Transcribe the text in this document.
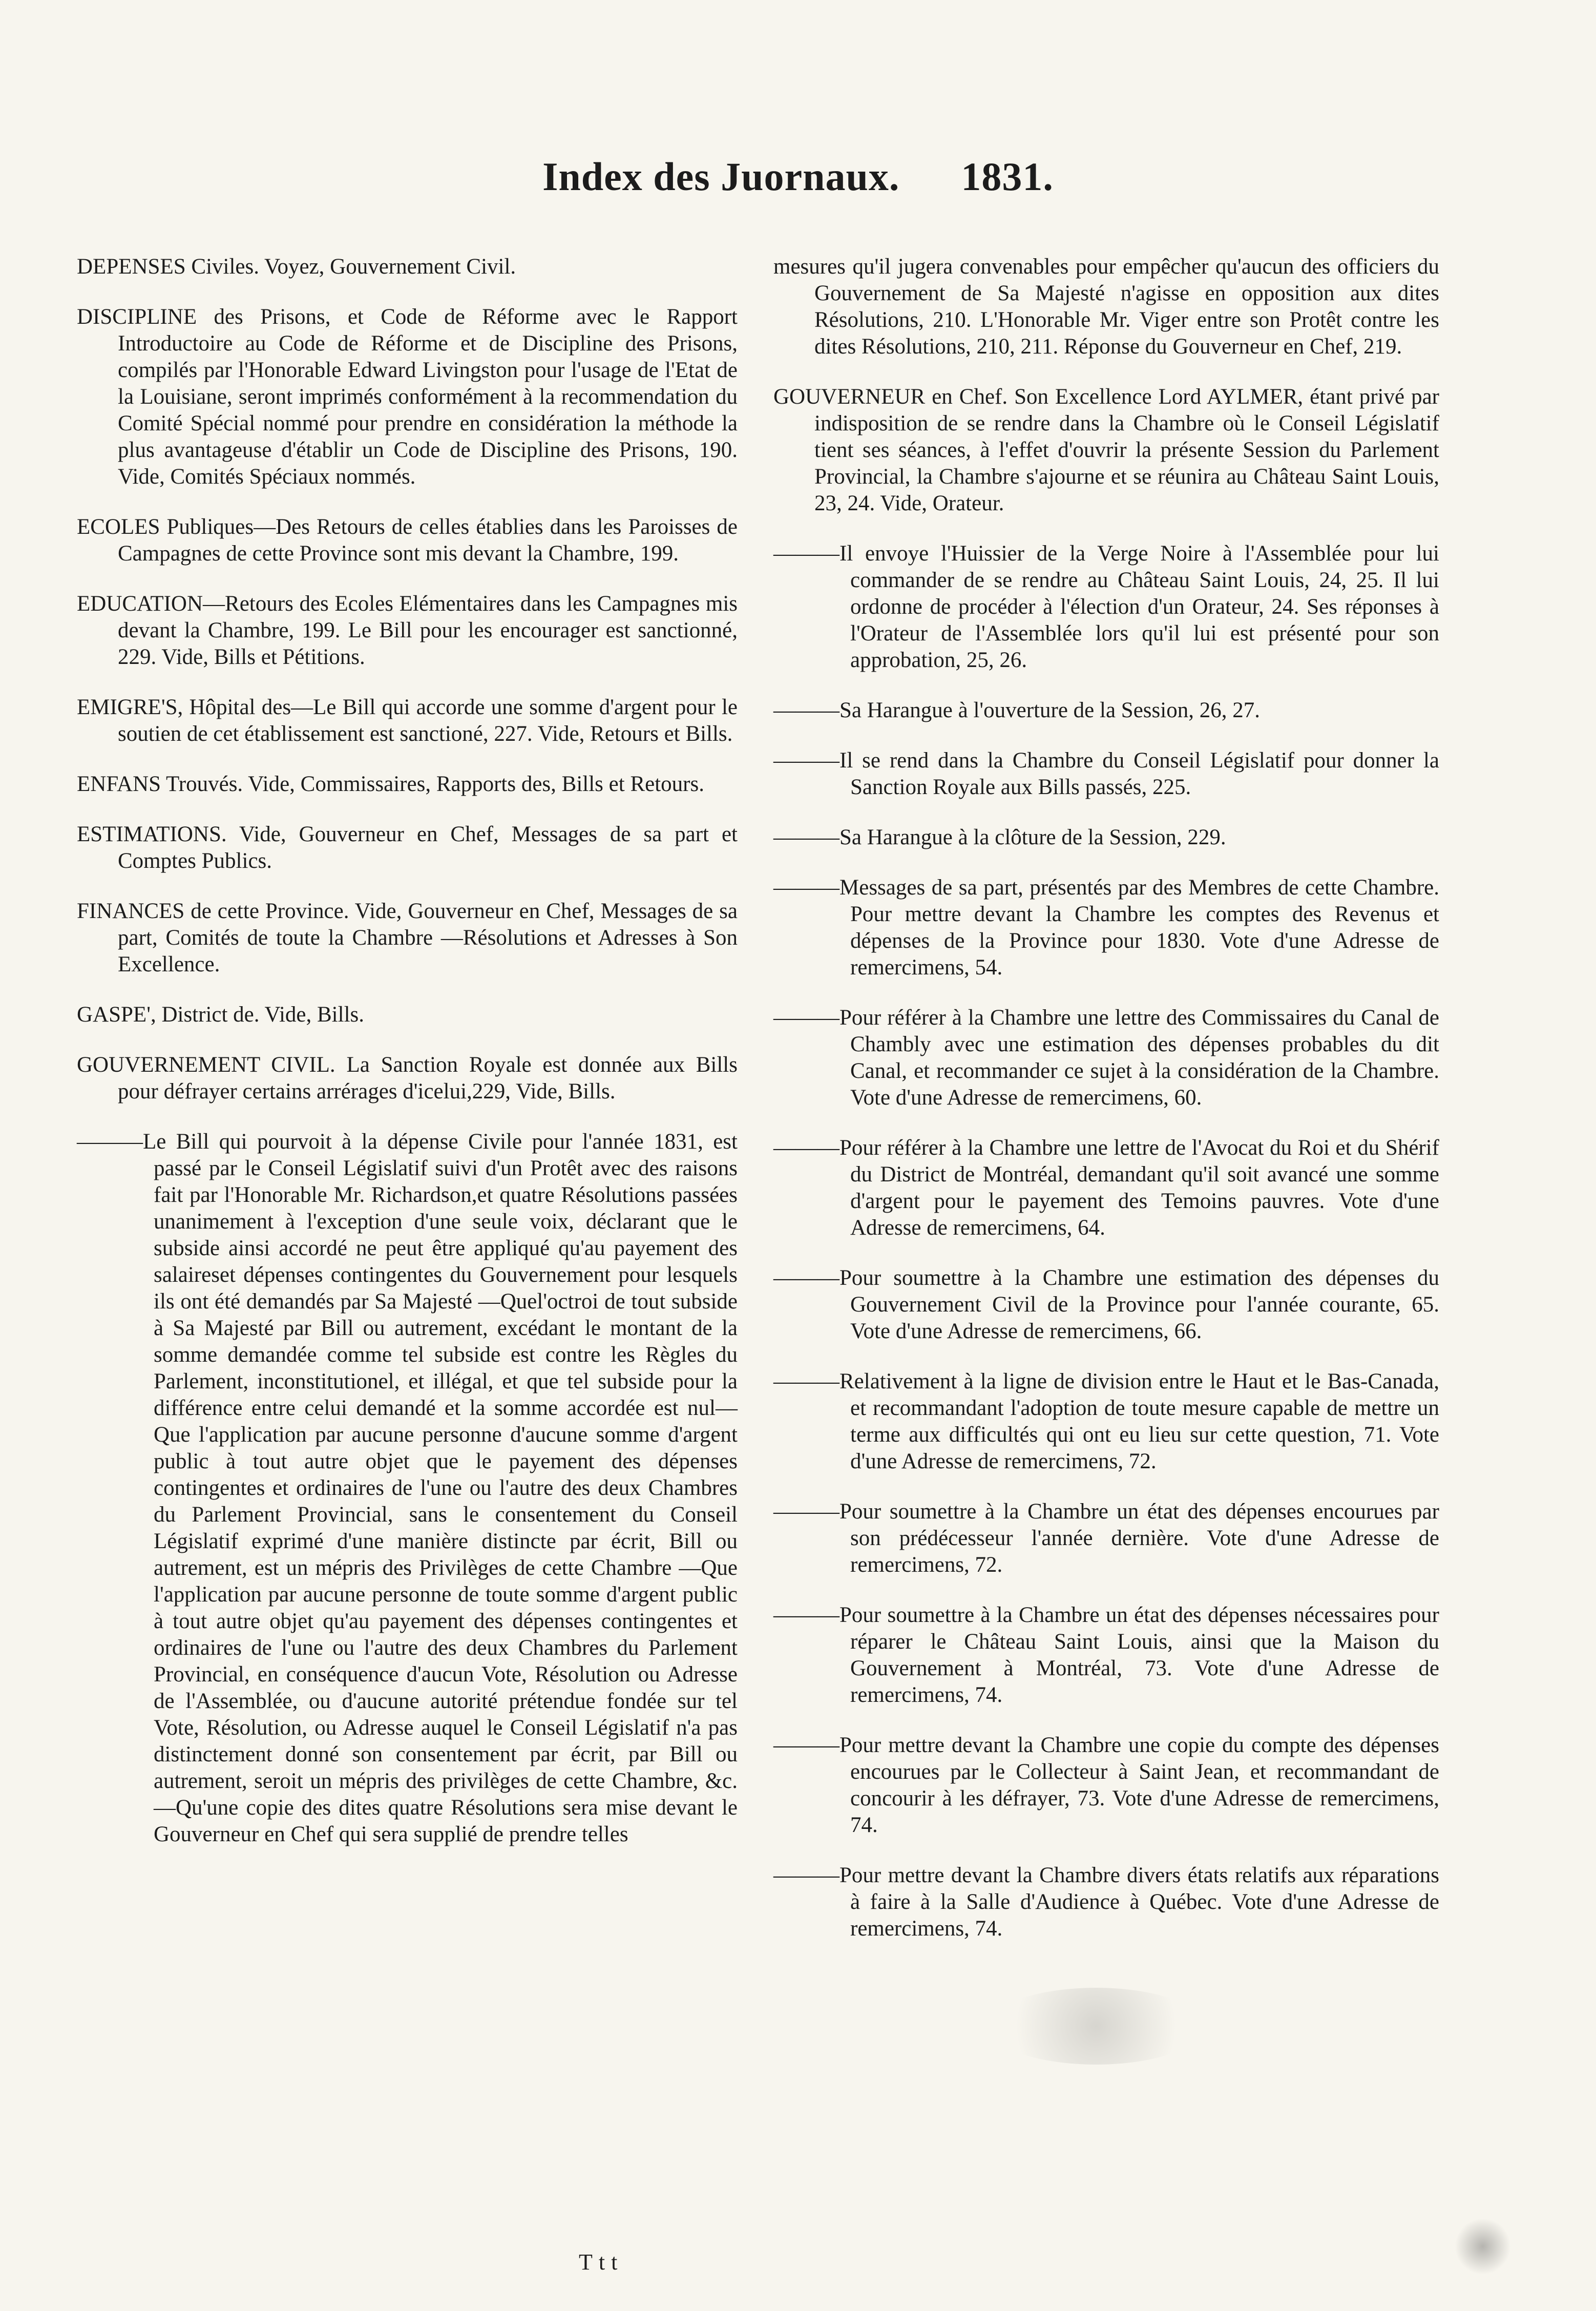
Index des Juornaux. 1831.

DEPENSES Civiles. Voyez, Gouvernement Civil.

DISCIPLINE des Prisons, et Code de Réforme avec le Rapport Introductoire au Code de Réforme et de Discipline des Prisons, compilés par l'Honorable Edward Livingston pour l'usage de l'Etat de la Louisiane, seront imprimés conformément à la recommendation du Comité Spécial nommé pour prendre en considération la méthode la plus avantageuse d'établir un Code de Discipline des Prisons, 190. Vide, Comités Spéciaux nommés.

ECOLES Publiques—Des Retours de celles établies dans les Paroisses de Campagnes de cette Province sont mis devant la Chambre, 199.

EDUCATION—Retours des Ecoles Elémentaires dans les Campagnes mis devant la Chambre, 199. Le Bill pour les encourager est sanctionné, 229. Vide, Bills et Pétitions.

EMIGRE'S, Hôpital des—Le Bill qui accorde une somme d'argent pour le soutien de cet établissement est sanctioné, 227. Vide, Retours et Bills.

ENFANS Trouvés. Vide, Commissaires, Rapports des, Bills et Retours.

ESTIMATIONS. Vide, Gouverneur en Chef, Messages de sa part et Comptes Publics.

FINANCES de cette Province. Vide, Gouverneur en Chef, Messages de sa part, Comités de toute la Chambre —Résolutions et Adresses à Son Excellence.

GASPE', District de. Vide, Bills.

GOUVERNEMENT CIVIL. La Sanction Royale est donnée aux Bills pour défrayer certains arrérages d'icelui,229, Vide, Bills.

———Le Bill qui pourvoit à la dépense Civile pour l'année 1831, est passé par le Conseil Législatif suivi d'un Protêt avec des raisons fait par l'Honorable Mr. Richardson,et quatre Résolutions passées unanimement à l'exception d'une seule voix, déclarant que le subside ainsi accordé ne peut être appliqué qu'au payement des salaireset dépenses contingentes du Gouvernement pour lesquels ils ont été demandés par Sa Majesté —Quel'octroi de tout subside à Sa Majesté par Bill ou autrement, excédant le montant de la somme demandée comme tel subside est contre les Règles du Parlement, inconstitutionel, et illégal, et que tel subside pour la différence entre celui demandé et la somme accordée est nul—Que l'application par aucune personne d'aucune somme d'argent public à tout autre objet que le payement des dépenses contingentes et ordinaires de l'une ou l'autre des deux Chambres du Parlement Provincial, sans le consentement du Conseil Législatif exprimé d'une manière distincte par écrit, Bill ou autrement, est un mépris des Privilèges de cette Chambre —Que l'application par aucune personne de toute somme d'argent public à tout autre objet qu'au payement des dépenses contingentes et ordinaires de l'une ou l'autre des deux Chambres du Parlement Provincial, en conséquence d'aucun Vote, Résolution ou Adresse de l'Assemblée, ou d'aucune autorité prétendue fondée sur tel Vote, Résolution, ou Adresse auquel le Conseil Législatif n'a pas distinctement donné son consentement par écrit, par Bill ou autrement, seroit un mépris des privilèges de cette Chambre, &c.—Qu'une copie des dites quatre Résolutions sera mise devant le Gouverneur en Chef qui sera supplié de prendre telles

mesures qu'il jugera convenables pour empêcher qu'aucun des officiers du Gouvernement de Sa Majesté n'agisse en opposition aux dites Résolutions, 210. L'Honorable Mr. Viger entre son Protêt contre les dites Résolutions, 210, 211. Réponse du Gouverneur en Chef, 219.

GOUVERNEUR en Chef. Son Excellence Lord AYLMER, étant privé par indisposition de se rendre dans la Chambre où le Conseil Législatif tient ses séances, à l'effet d'ouvrir la présente Session du Parlement Provincial, la Chambre s'ajourne et se réunira au Château Saint Louis, 23, 24. Vide, Orateur.

———Il envoye l'Huissier de la Verge Noire à l'Assemblée pour lui commander de se rendre au Château Saint Louis, 24, 25. Il lui ordonne de procéder à l'élection d'un Orateur, 24. Ses réponses à l'Orateur de l'Assemblée lors qu'il lui est présenté pour son approbation, 25, 26.

———Sa Harangue à l'ouverture de la Session, 26, 27.

———Il se rend dans la Chambre du Conseil Législatif pour donner la Sanction Royale aux Bills passés, 225.

———Sa Harangue à la clôture de la Session, 229.

———Messages de sa part, présentés par des Membres de cette Chambre. Pour mettre devant la Chambre les comptes des Revenus et dépenses de la Province pour 1830. Vote d'une Adresse de remercimens, 54.

———Pour référer à la Chambre une lettre des Commissaires du Canal de Chambly avec une estimation des dépenses probables du dit Canal, et recommander ce sujet à la considération de la Chambre. Vote d'une Adresse de remercimens, 60.

———Pour référer à la Chambre une lettre de l'Avocat du Roi et du Shérif du District de Montréal, demandant qu'il soit avancé une somme d'argent pour le payement des Temoins pauvres. Vote d'une Adresse de remercimens, 64.

———Pour soumettre à la Chambre une estimation des dépenses du Gouvernement Civil de la Province pour l'année courante, 65. Vote d'une Adresse de remercimens, 66.

———Relativement à la ligne de division entre le Haut et le Bas-Canada, et recommandant l'adoption de toute mesure capable de mettre un terme aux difficultés qui ont eu lieu sur cette question, 71. Vote d'une Adresse de remercimens, 72.

———Pour soumettre à la Chambre un état des dépenses encourues par son prédécesseur l'année dernière. Vote d'une Adresse de remercimens, 72.

———Pour soumettre à la Chambre un état des dépenses nécessaires pour réparer le Château Saint Louis, ainsi que la Maison du Gouvernement à Montréal, 73. Vote d'une Adresse de remercimens, 74.

———Pour mettre devant la Chambre une copie du compte des dépenses encourues par le Collecteur à Saint Jean, et recommandant de concourir à les défrayer, 73. Vote d'une Adresse de remercimens, 74.

———Pour mettre devant la Chambre divers états relatifs aux réparations à faire à la Salle d'Audience à Québec. Vote d'une Adresse de remercimens, 74.

Ttt
